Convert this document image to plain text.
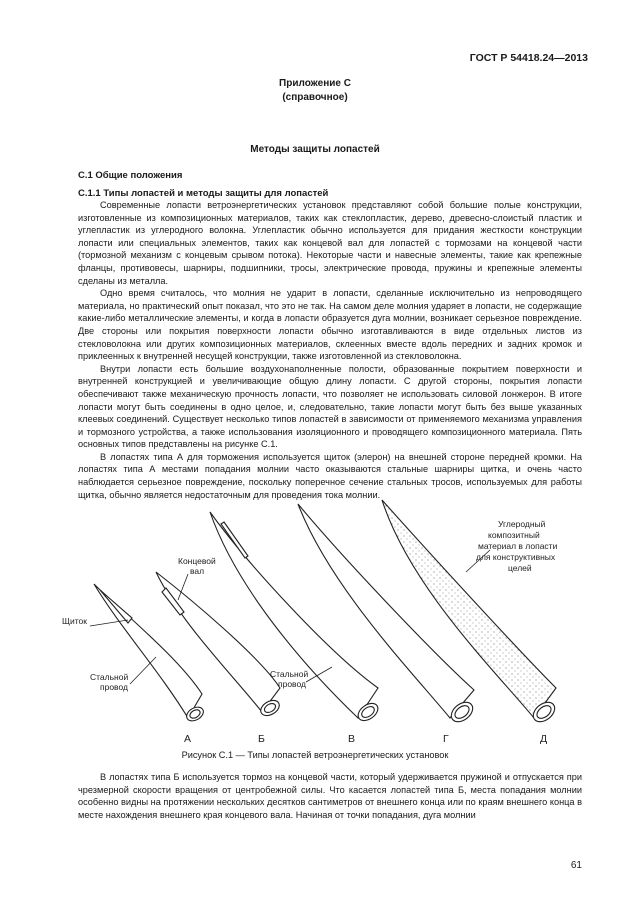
ГОСТ Р 54418.24—2013
Приложение С
(справочное)
Методы защиты лопастей
С.1 Общие положения
С.1.1 Типы лопастей и методы защиты для лопастей
Современные лопасти ветроэнергетических установок представляют собой большие полые конструкции, изготовленные из композиционных материалов, таких как стеклопластик, дерево, древесно-слоистый пластик и углепластик из углеродного волокна. Углепластик обычно используется для придания жесткости конструкции лопасти или специальных элементов, таких как концевой вал для лопастей с тормозами на концевой части (тормозной механизм с концевым срывом потока). Некоторые части и навесные элементы, такие как крепежные фланцы, противовесы, шарниры, подшипники, тросы, электрические провода, пружины и крепежные элементы сделаны из металла.
Одно время считалось, что молния не ударит в лопасти, сделанные исключительно из непроводящего материала, но практический опыт показал, что это не так. На самом деле молния ударяет в лопасти, не содержащие какие-либо металлические элементы, и когда в лопасти образуется дуга молнии, возникает серьезное повреждение. Две стороны или покрытия поверхности лопасти обычно изготавливаются в виде отдельных листов из стекловолокна или других композиционных материалов, склеенных вместе вдоль передних и задних кромок и приклеенных к внутренней несущей конструкции, также изготовленной из стекловолокна.
Внутри лопасти есть большие воздухонаполненные полости, образованные покрытием поверхности и внутренней конструкцией и увеличивающие общую длину лопасти. С другой стороны, покрытия лопасти обеспечивают также механическую прочность лопасти, что позволяет не использовать силовой лонжерон. В итоге лопасти могут быть соединены в одно целое, и, следовательно, такие лопасти могут быть без выше указанных клеевых соединений. Существует несколько типов лопастей в зависимости от применяемого механизма управления и тормозного устройства, а также использования изоляционного и проводящего композиционного материала. Пять основных типов представлены на рисунке С.1.
В лопастях типа А для торможения используется щиток (элерон) на внешней стороне передней кромки. На лопастях типа А местами попадания молнии часто оказываются стальные шарниры щитка, и очень часто наблюдается серьезное повреждение, поскольку поперечное сечение стальных тросов, используемых для работы щитка, обычно является недостаточным для проведения тока молнии.
Щиток
Стальной провод
Концевой вал
Стальной провод
Углеродный композитный материал в лопасти для конструктивных целей
А	Б	В	Г	Д
Рисунок С.1 — Типы лопастей ветроэнергетических установок
В лопастях типа Б используется тормоз на концевой части, который удерживается пружиной и отпускается при чрезмерной скорости вращения от центробежной силы. Что касается лопастей типа Б, места попадания молнии особенно видны на протяжении нескольких десятков сантиметров от внешнего конца или по краям внешнего конца в месте нахождения внешнего края концевого вала. Начиная от точки попадания, дуга молнии
61
